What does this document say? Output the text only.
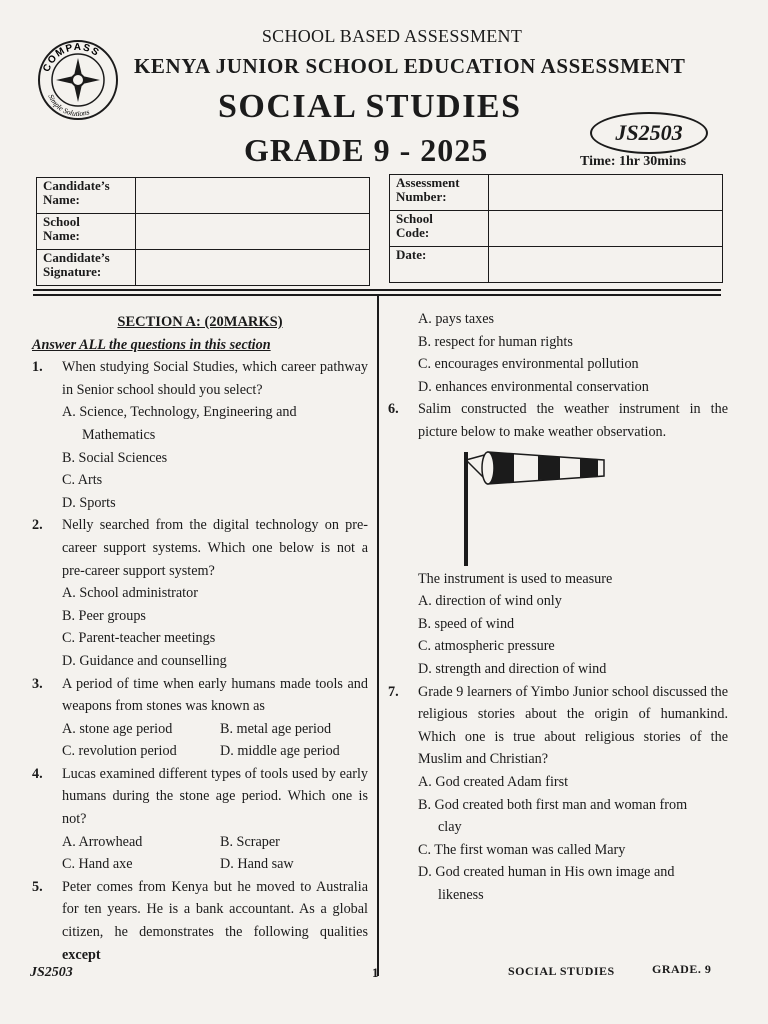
SCHOOL BASED ASSESSMENT
COMPASS
Simple Solutions
KENYA JUNIOR SCHOOL EDUCATION ASSESSMENT
SOCIAL STUDIES
GRADE 9 - 2025	JS2503
Time: 1hr 30mins
Candidate’s
Name:	
School
Name:	
Candidate’s
Signature:	
Assessment
Number:	
School
Code:	
Date:

SECTION A: (20MARKS)
Answer ALL the questions in this section
1. When studying Social Studies, which career pathway in Senior school should you select?
A. Science, Technology, Engineering and
Mathematics
B. Social Sciences
C. Arts
D. Sports
2. Nelly searched from the digital technology on pre-career support systems. Which one below is not a pre-career support system?
A. School administrator
B. Peer groups
C. Parent-teacher meetings
D. Guidance and counselling
3. A period of time when early humans made tools and weapons from stones was known as
A. stone age period	B. metal age period
C. revolution period	D. middle age period
4. Lucas examined different types of tools used by early humans during the stone age period. Which one is not?
A. Arrowhead	B. Scraper
C. Hand axe	D. Hand saw
5. Peter comes from Kenya but he moved to Australia for ten years. He is a bank accountant. As a global citizen, he demonstrates the following qualities except
A. pays taxes
B. respect for human rights
C. encourages environmental pollution
D. enhances environmental conservation
6. Salim constructed the weather instrument in the picture below to make weather observation.
The instrument is used to measure
A. direction of wind only
B. speed of wind
C. atmospheric pressure
D. strength and direction of wind
7. Grade 9 learners of Yimbo Junior school discussed the religious stories about the origin of humankind. Which one is true about religious stories of the Muslim and Christian?
A. God created Adam first
B. God created both first man and woman from
clay
C. The first woman was called Mary
D. God created human in His own image and
likeness
JS2503	1	SOCIAL STUDIES	GRADE. 9
